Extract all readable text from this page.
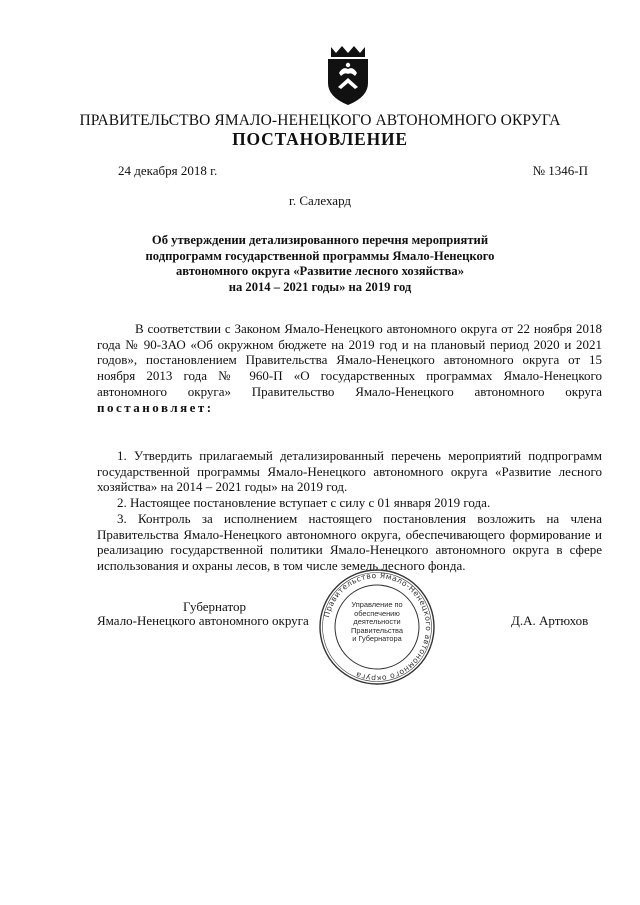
ПРАВИТЕЛЬСТВО ЯМАЛО-НЕНЕЦКОГО АВТОНОМНОГО ОКРУГА
ПОСТАНОВЛЕНИЕ
24 декабря 2018 г.	№ 1346-П
г. Салехард
Об утверждении детализированного перечня мероприятий
подпрограмм государственной программы Ямало-Ненецкого
автономного округа «Развитие лесного хозяйства»
на 2014 – 2021 годы» на 2019 год
В соответствии с Законом Ямало-Ненецкого автономного округа от 22 ноября 2018 года № 90-ЗАО «Об окружном бюджете на 2019 год и на плановый период 2020 и 2021 годов», постановлением Правительства Ямало-Ненецкого автономного округа от 15 ноября 2013 года № 960-П «О государственных программах Ямало-Ненецкого автономного округа» Правительство Ямало-Ненецкого автономного округа постановляет:
1. Утвердить прилагаемый детализированный перечень мероприятий подпрограмм государственной программы Ямало-Ненецкого автономного округа «Развитие лесного хозяйства» на 2014 – 2021 годы» на 2019 год.
2. Настоящее постановление вступает с силу с 01 января 2019 года.
3. Контроль за исполнением настоящего постановления возложить на члена Правительства Ямало-Ненецкого автономного округа, обеспечивающего формирование и реализацию государственной политики Ямало-Ненецкого автономного округа в сфере использования и охраны лесов, в том числе земель лесного фонда.
Правительство Ямало-Ненецкого автономного округа
Управление по
обеспечению
деятельности
Правительства
и Губернатора
Губернатор
Ямало-Ненецкого автономного округа	Д.А. Артюхов
